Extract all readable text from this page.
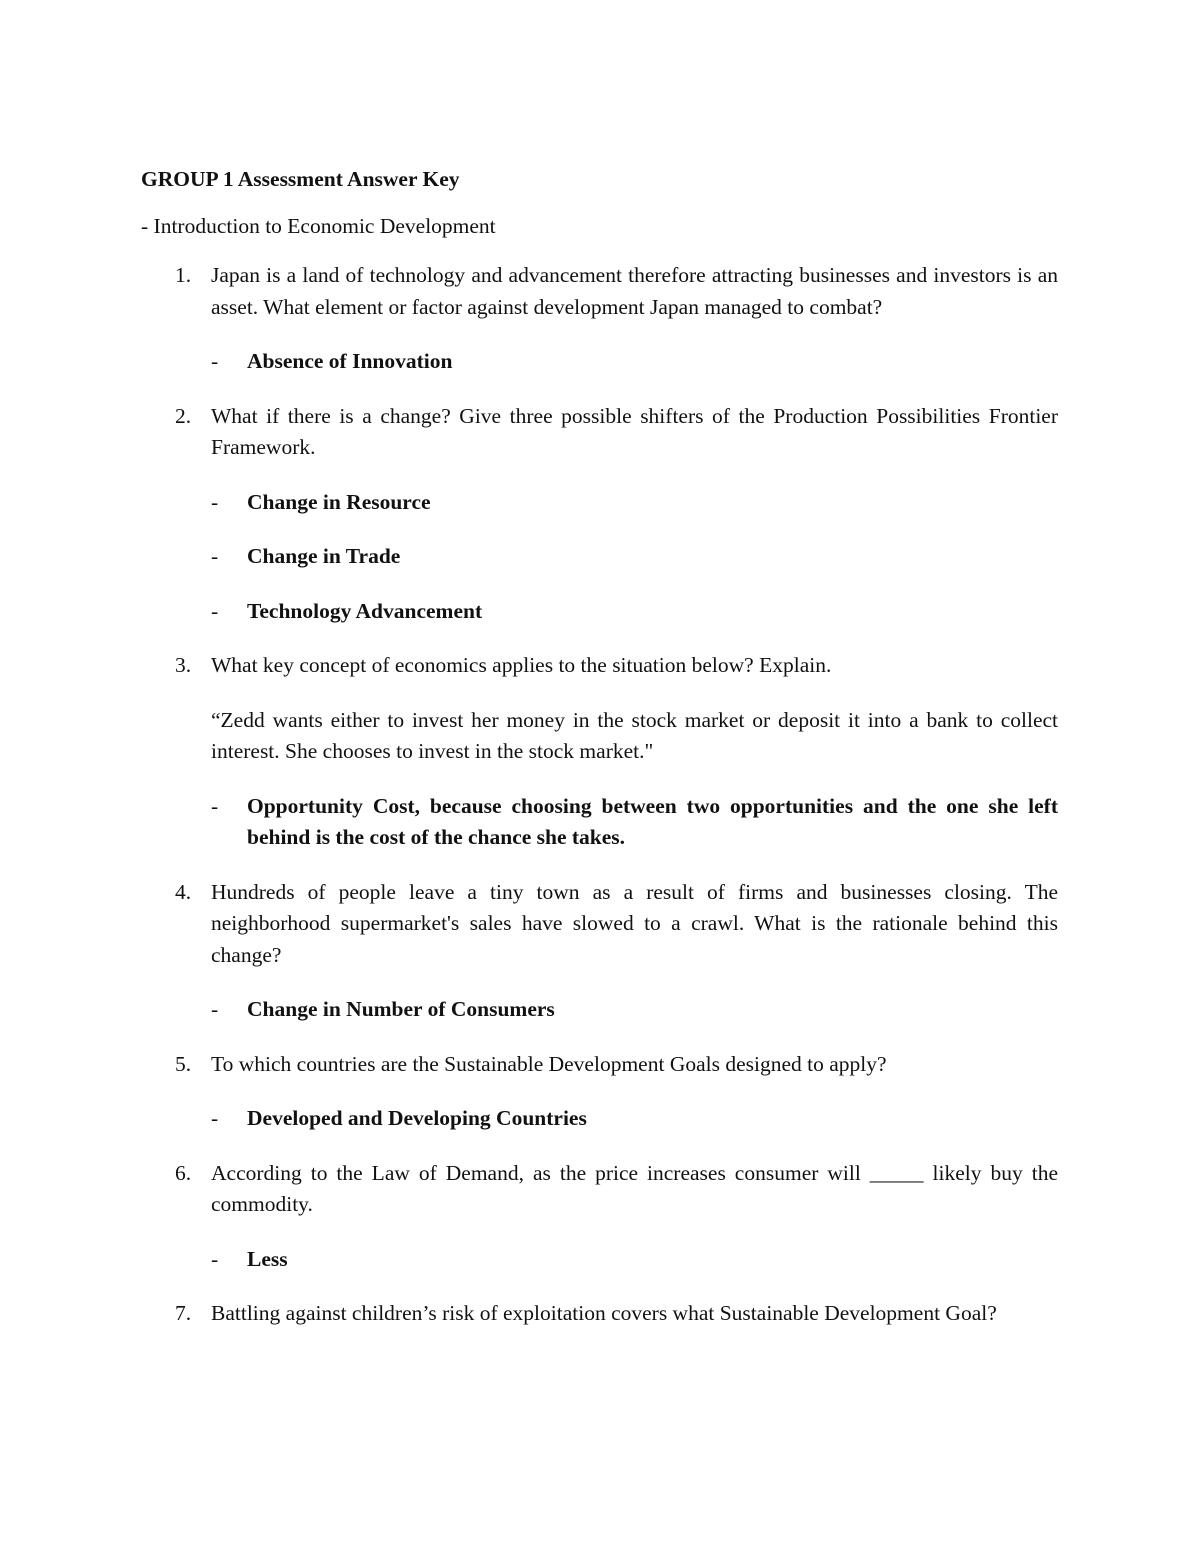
GROUP 1 Assessment Answer Key
- Introduction to Economic Development
1. Japan is a land of technology and advancement therefore attracting businesses and investors is an asset. What element or factor against development Japan managed to combat?
-	Absence of Innovation
2. What if there is a change? Give three possible shifters of the Production Possibilities Frontier Framework.
-	Change in Resource
-	Change in Trade
-	Technology Advancement
3. What key concept of economics applies to the situation below? Explain.
“Zedd wants either to invest her money in the stock market or deposit it into a bank to collect interest. She chooses to invest in the stock market."
-	Opportunity Cost, because choosing between two opportunities and the one she left behind is the cost of the chance she takes.
4. Hundreds of people leave a tiny town as a result of firms and businesses closing. The neighborhood supermarket's sales have slowed to a crawl. What is the rationale behind this change?
-	Change in Number of Consumers
5. To which countries are the Sustainable Development Goals designed to apply?
-	Developed and Developing Countries
6. According to the Law of Demand, as the price increases consumer will _____ likely buy the commodity.
-	Less
7. Battling against children’s risk of exploitation covers what Sustainable Development Goal?
